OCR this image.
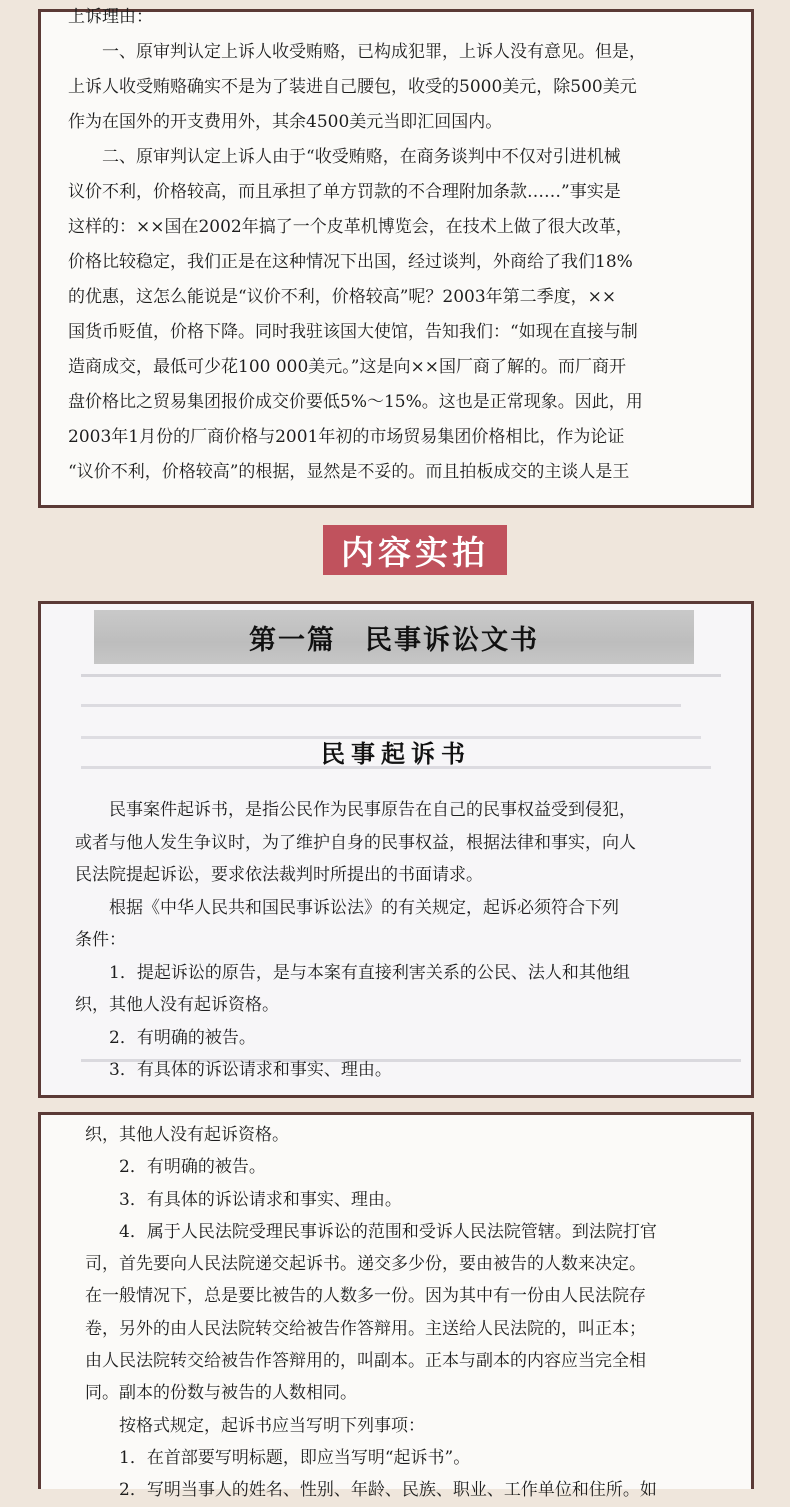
上诉理由：

一、原审判认定上诉人收受贿赂，已构成犯罪，上诉人没有意见。但是，

上诉人收受贿赂确实不是为了装进自己腰包，收受的5000美元，除500美元

作为在国外的开支费用外，其余4500美元当即汇回国内。

二、原审判认定上诉人由于“收受贿赂，在商务谈判中不仅对引进机械

议价不利，价格较高，而且承担了单方罚款的不合理附加条款……”事实是

这样的：××国在2002年搞了一个皮革机博览会，在技术上做了很大改革，

价格比较稳定，我们正是在这种情况下出国，经过谈判，外商给了我们18%

的优惠，这怎么能说是“议价不利，价格较高”呢？2003年第二季度，××

国货币贬值，价格下降。同时我驻该国大使馆，告知我们：“如现在直接与制

造商成交，最低可少花100 000美元。”这是向××国厂商了解的。而厂商开

盘价格比之贸易集团报价成交价要低5%～15%。这也是正常现象。因此，用

2003年1月份的厂商价格与2001年初的市场贸易集团价格相比，作为论证

“议价不利，价格较高”的根据，显然是不妥的。而且拍板成交的主谈人是王

内容实拍
第一篇　民事诉讼文书
民事起诉书

民事案件起诉书，是指公民作为民事原告在自己的民事权益受到侵犯，

或者与他人发生争议时，为了维护自身的民事权益，根据法律和事实，向人

民法院提起诉讼，要求依法裁判时所提出的书面请求。

根据《中华人民共和国民事诉讼法》的有关规定，起诉必须符合下列

条件：

1．提起诉讼的原告，是与本案有直接利害关系的公民、法人和其他组

织，其他人没有起诉资格。

2．有明确的被告。

3．有具体的诉讼请求和事实、理由。

织，其他人没有起诉资格。

2．有明确的被告。

3．有具体的诉讼请求和事实、理由。

4．属于人民法院受理民事诉讼的范围和受诉人民法院管辖。到法院打官

司，首先要向人民法院递交起诉书。递交多少份，要由被告的人数来决定。

在一般情况下，总是要比被告的人数多一份。因为其中有一份由人民法院存

卷，另外的由人民法院转交给被告作答辩用。主送给人民法院的，叫正本；

由人民法院转交给被告作答辩用的，叫副本。正本与副本的内容应当完全相

同。副本的份数与被告的人数相同。

按格式规定，起诉书应当写明下列事项：

1．在首部要写明标题，即应当写明“起诉书”。

2．写明当事人的姓名、性别、年龄、民族、职业、工作单位和住所。如
